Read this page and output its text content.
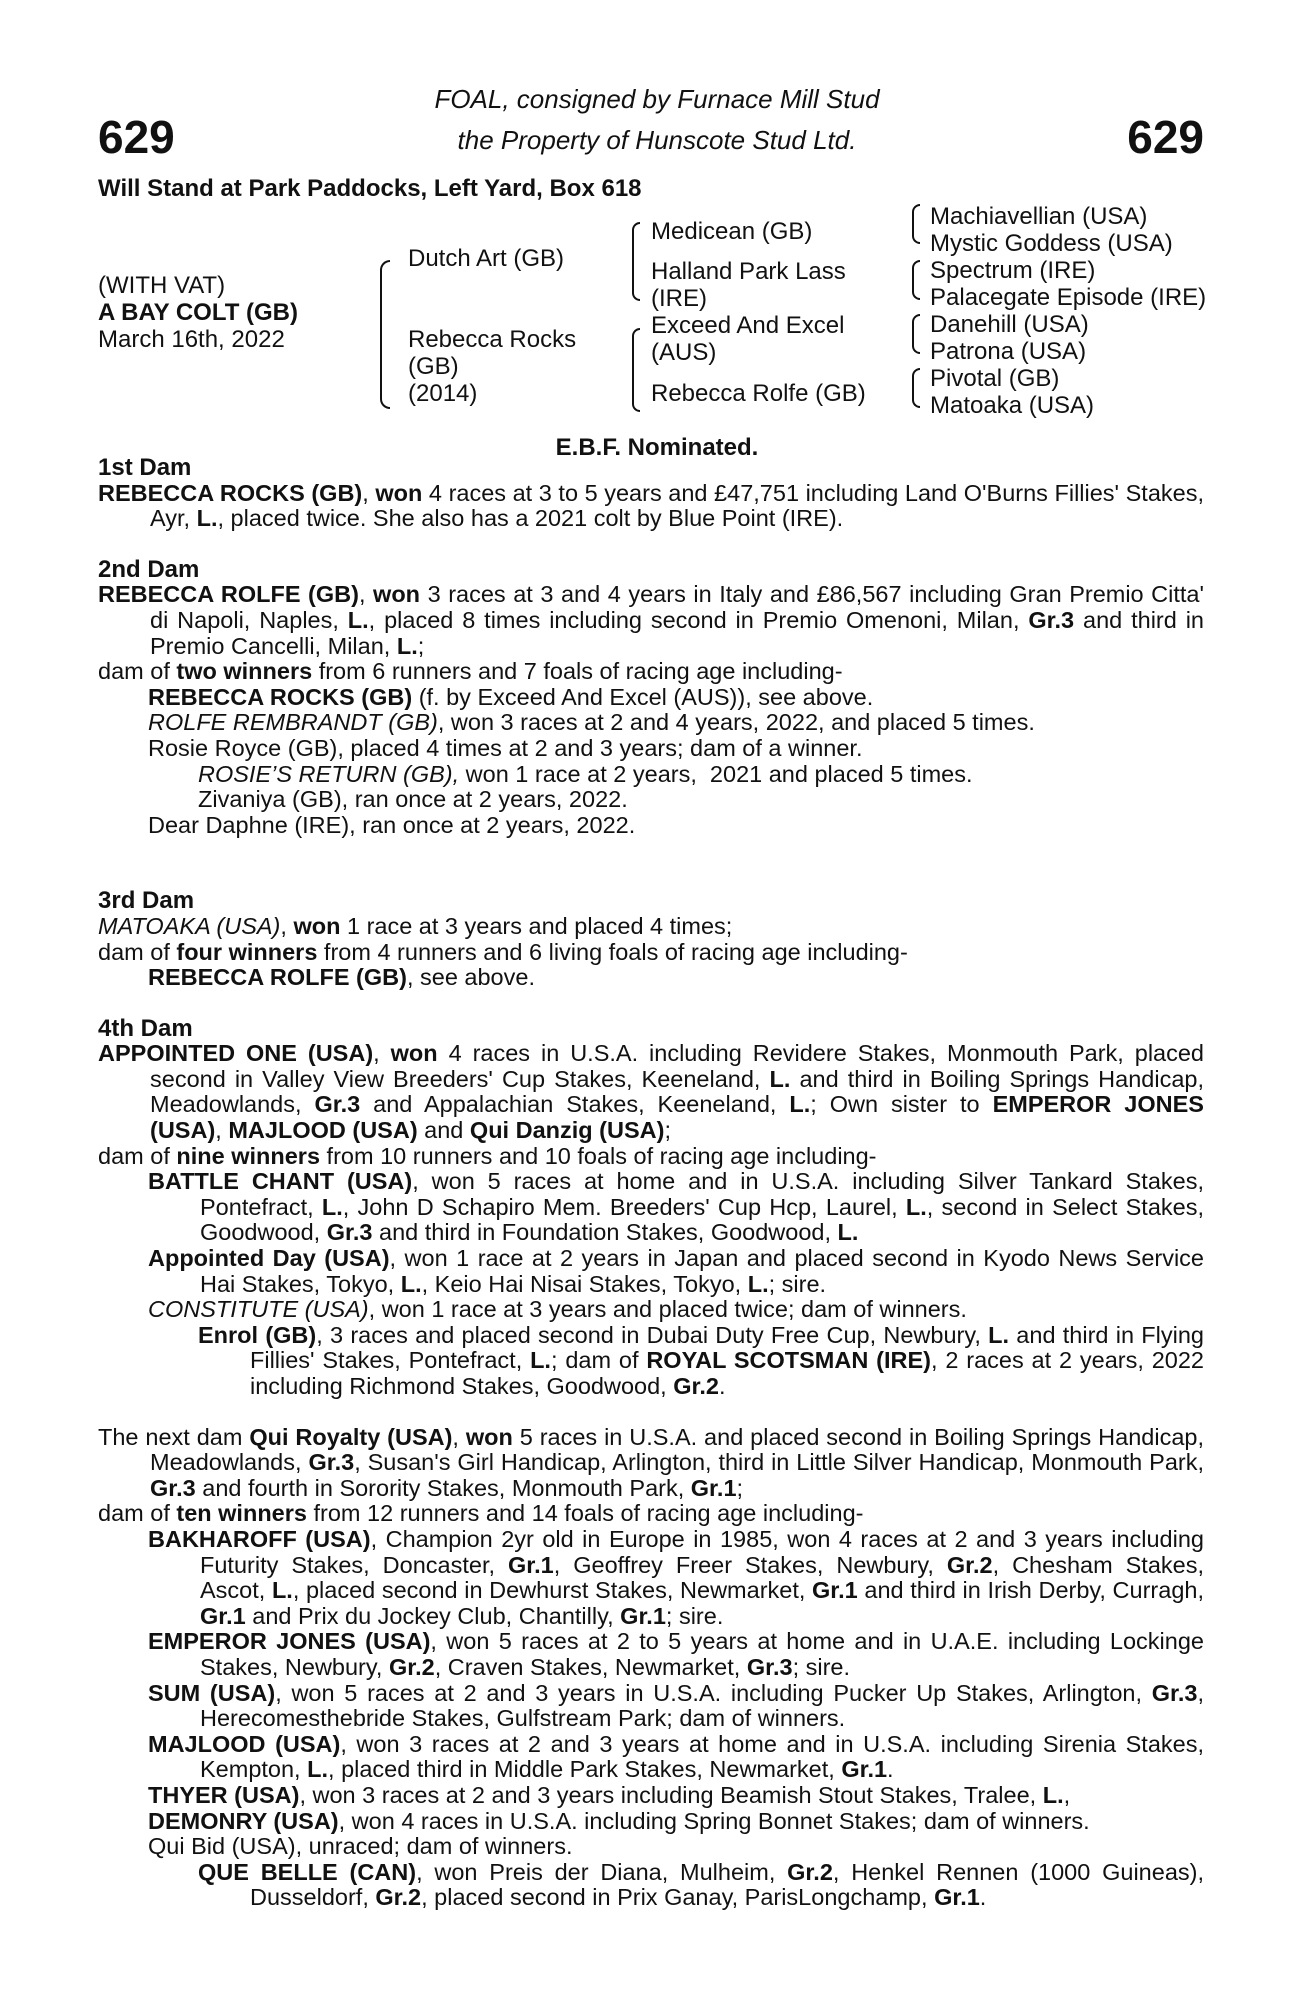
629	629
FOAL, consigned by Furnace Mill Stud
the Property of Hunscote Stud Ltd.
Will Stand at Park Paddocks, Left Yard, Box 618
(WITH VAT)
A BAY COLT (GB)
March 16th, 2022
Dutch Art (GB)
Rebecca Rocks
(GB)
(2014)
Medicean (GB)
Halland Park Lass
(IRE)
Exceed And Excel
(AUS)
Rebecca Rolfe (GB)
Machiavellian (USA)
Mystic Goddess (USA)
Spectrum (IRE)
Palacegate Episode (IRE)
Danehill (USA)
Patrona (USA)
Pivotal (GB)
Matoaka (USA)
E.B.F. Nominated.
1st Dam

REBECCA ROCKS (GB), won 4 races at 3 to 5 years and £47,751 including Land O'Burns Fillies' Stakes, Ayr, L., placed twice. She also has a 2021 colt by Blue Point (IRE).

2nd Dam

REBECCA ROLFE (GB), won 3 races at 3 and 4 years in Italy and £86,567 including Gran Premio Citta' di Napoli, Naples, L., placed 8 times including second in Premio Omenoni, Milan, Gr.3 and third in Premio Cancelli, Milan, L.;

dam of two winners from 6 runners and 7 foals of racing age including-

REBECCA ROCKS (GB) (f. by Exceed And Excel (AUS)), see above.

ROLFE REMBRANDT (GB), won 3 races at 2 and 4 years, 2022, and placed 5 times.

Rosie Royce (GB), placed 4 times at 2 and 3 years; dam of a winner.

ROSIE’S RETURN (GB), won 1 race at 2 years,  2021 and placed 5 times.

Zivaniya (GB), ran once at 2 years, 2022.

Dear Daphne (IRE), ran once at 2 years, 2022.

3rd Dam

MATOAKA (USA), won 1 race at 3 years and placed 4 times;

dam of four winners from 4 runners and 6 living foals of racing age including-

REBECCA ROLFE (GB), see above.

4th Dam

APPOINTED ONE (USA), won 4 races in U.S.A. including Revidere Stakes, Monmouth Park, placed second in Valley View Breeders' Cup Stakes, Keeneland, L. and third in Boiling Springs Handicap, Meadowlands, Gr.3 and Appalachian Stakes, Keeneland, L.; Own sister to EMPEROR JONES (USA), MAJLOOD (USA) and Qui Danzig (USA);

dam of nine winners from 10 runners and 10 foals of racing age including-

BATTLE CHANT (USA), won 5 races at home and in U.S.A. including Silver Tankard Stakes, Pontefract, L., John D Schapiro Mem. Breeders' Cup Hcp, Laurel, L., second in Select Stakes, Goodwood, Gr.3 and third in Foundation Stakes, Goodwood, L.

Appointed Day (USA), won 1 race at 2 years in Japan and placed second in Kyodo News Service Hai Stakes, Tokyo, L., Keio Hai Nisai Stakes, Tokyo, L.; sire.

CONSTITUTE (USA), won 1 race at 3 years and placed twice; dam of winners.

Enrol (GB), 3 races and placed second in Dubai Duty Free Cup, Newbury, L. and third in Flying Fillies' Stakes, Pontefract, L.; dam of ROYAL SCOTSMAN (IRE), 2 races at 2 years, 2022 including Richmond Stakes, Goodwood, Gr.2.

The next dam Qui Royalty (USA), won 5 races in U.S.A. and placed second in Boiling Springs Handicap, Meadowlands, Gr.3, Susan's Girl Handicap, Arlington, third in Little Silver Handicap, Monmouth Park, Gr.3 and fourth in Sorority Stakes, Monmouth Park, Gr.1;

dam of ten winners from 12 runners and 14 foals of racing age including-

BAKHAROFF (USA), Champion 2yr old in Europe in 1985, won 4 races at 2 and 3 years including Futurity Stakes, Doncaster, Gr.1, Geoffrey Freer Stakes, Newbury, Gr.2, Chesham Stakes, Ascot, L., placed second in Dewhurst Stakes, Newmarket, Gr.1 and third in Irish Derby, Curragh, Gr.1 and Prix du Jockey Club, Chantilly, Gr.1; sire.

EMPEROR JONES (USA), won 5 races at 2 to 5 years at home and in U.A.E. including Lockinge Stakes, Newbury, Gr.2, Craven Stakes, Newmarket, Gr.3; sire.

SUM (USA), won 5 races at 2 and 3 years in U.S.A. including Pucker Up Stakes, Arlington, Gr.3, Herecomesthebride Stakes, Gulfstream Park; dam of winners.

MAJLOOD (USA), won 3 races at 2 and 3 years at home and in U.S.A. including Sirenia Stakes, Kempton, L., placed third in Middle Park Stakes, Newmarket, Gr.1.

THYER (USA), won 3 races at 2 and 3 years including Beamish Stout Stakes, Tralee, L.,

DEMONRY (USA), won 4 races in U.S.A. including Spring Bonnet Stakes; dam of winners.

Qui Bid (USA), unraced; dam of winners.

QUE BELLE (CAN), won Preis der Diana, Mulheim, Gr.2, Henkel Rennen (1000 Guineas), Dusseldorf, Gr.2, placed second in Prix Ganay, ParisLongchamp, Gr.1.
